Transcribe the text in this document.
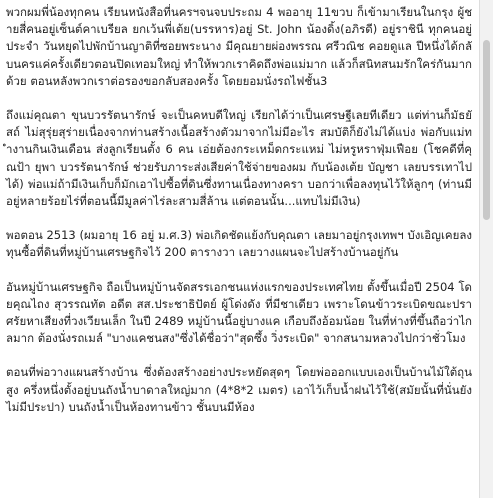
พวกผมพี่น้องทุกคน เรียนหนังสือที่นครฯจนจบประถม 4 พออายุ 11ขวบ ก็เข้ามาเรียนในกรุง ผู้ชายสี่คนอยู่เซ็นต์คาเบรียล ยกเว้นพี่เต้ย(บรรหาร)อยู่ St. John น้องดิ้ง(อภิรดี) อยู่ราชินี ทุกคนอยู่ประจำ วันหยุดไปพักบ้านญาติที่ซอยพระนาง มีคุณยายผ่องพรรณ ศรีวณิช คอยดูแล ปีหนึ่งได้กลับนครแค่ครั้งเดียวตอนปิดเทอมใหญ่ ทำให้พวกเราคิดถึงพ่อแม่มาก แล้วก็สนิทสนมรักใคร่กันมากด้วย ตอนหลังพวกเราต่อรองขอกลับสองครั้ง โดยยอมนั่งรถไฟชั้น3

ถึงแม่คุณตา ขุนบวรรัตนารักษ์ จะเป็นคหบดีใหญ่ เรียกได้ว่าเป็นเศรษฐีเลยทีเดียว แต่ท่านก็มัธยัสถ์ ไม่สุรุ่ยสุร่ายเนื่องจากท่านสร้างเนื้อสร้างตัวมาจากไม่มีอะไร สมบัติก็ยังไม่ได้แบ่ง พ่อกับแม่ทำงานกินเงินเดือน ส่งลูกเรียนตั้ง 6 คน เอ่ยต้องกระเหม็ดกระแหม่ ไม่หรูหราฟุ่มเฟือย (โชคดีที่คุณป้า ยุพา บวรรัตนารักษ์ ช่วยรับภาระส่งเสียค่าใช้จ่ายของผม กับน้องเต้ย บัญชา เลยบรรเทาไปได้) พ่อแม่ถ้ามีเงินเก็บก็มักเอาไปซื้อที่ดินซึ่งทานเนื่องทางครา บอกว่าเพื่อลงทุนไว้ให้ลูกๆ (ท่านมีอยู่หลายร้อยไร่ที่ตอนนี้มีมูลค่าไร่ละสามสี่ล้าน แต่ตอนนั้น...แทบไม่มีเงิน)

พอตอน 2513 (ผมอายุ 16 อยู่ ม.ศ.3) พ่อเกิดชัดแย้งกับคุณตา เลยมาอยู่กรุงเทพฯ บังเอิญเคยลงทุนซื้อที่ดินที่หมู่บ้านเศรษฐกิจไว้ 200 ตารางวา เลยวางแผนจะไปสร้างบ้านอยู่กัน

อันหมู่บ้านเศรษฐกิจ ถือเป็นหมู่บ้านจัดสรรเอกชนแห่งแรกของประเทศไทย ตั้งขึ้นเมื่อปี 2504 โดยคุณไถง สุวรรณทัต อดีต สส.ประชาธิปัตย์ ผู้โด่งดัง ที่มีชาเดียว เพราะโดนข้าวระเบิดขณะปราศรัยหาเสียงที่วงเวียนเล็ก ในปี 2489 หมู่บ้านนี้อยู่บางแค เกือบถึงอ้อมน้อย ในที่ห่างที่ขึ้นถือว่าไกลมาก ต้องนั่งรถเมล์ "บางแคชนสง"ซึ่งได้ชื่อว่า"สุดซึ้ง วิ่งระเบิด" จากสนามหลวงไปกว่าชั่วโมง

ตอนที่พ่อวางแผนสร้างบ้าน ซึ่งต้องสร้างอย่างประหยัดสุดๆ โดยพ่อออกแบบเองเป็นบ้านไม้ใต้ถุนสูง ครึ่งหนึ่งตั้งอยู่บนถังน้ำบาดาลใหญ่มาก (4*8*2 เมตร) เอาไว้เก็บน้ำฝนไว้ใช้(สมัยนั้นที่นั่นยังไม่มีประปา) บนถังน้ำเป็นห้องทานข้าว ชั้นบนมีห้อง
